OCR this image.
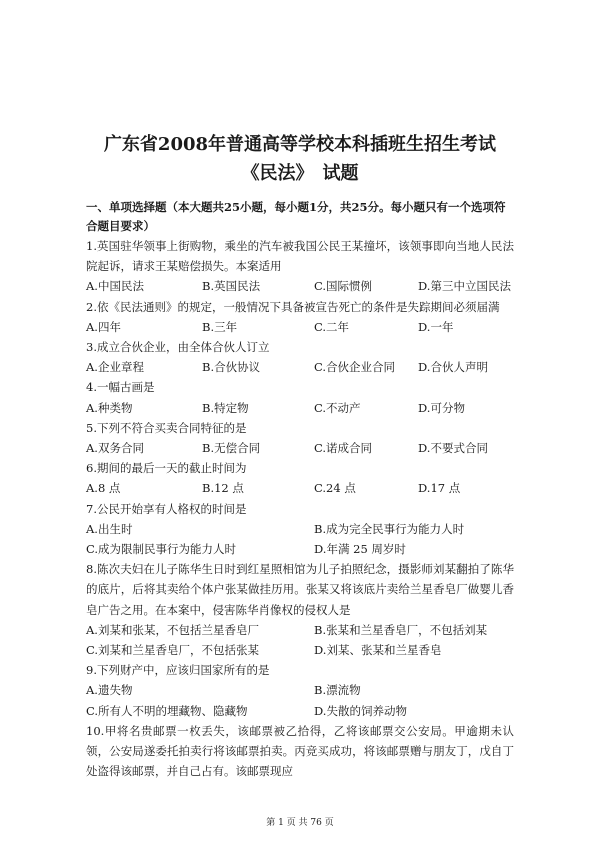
广东省2008年普通高等学校本科插班生招生考试
《民法》　试题
一、单项选择题（本大题共25小题，每小题1分，共25分。每小题只有一个选项符合题目要求）

1.英国驻华领事上街购物，乘坐的汽车被我国公民王某撞坏，该领事即向当地人民法院起诉，请求王某赔偿损失。本案适用

A.中国民法	B.英国民法	C.国际惯例	D.第三中立国民法

2.依《民法通则》的规定，一般情况下具备被宣告死亡的条件是失踪期间必须届满

A.四年	B.三年	C.二年	D.一年

3.成立合伙企业，由全体合伙人订立

A.企业章程	B.合伙协议	C.合伙企业合同	D.合伙人声明

4.一幅古画是

A.种类物	B.特定物	C.不动产	D.可分物

5.下列不符合买卖合同特征的是

A.双务合同	B.无偿合同	C.诺成合同	D.不要式合同

6.期间的最后一天的截止时间为

A.8 点	B.12 点	C.24 点	D.17 点

7.公民开始享有人格权的时间是

A.出生时	B.成为完全民事行为能力人时
C.成为限制民事行为能力人时	D.年满 25 周岁时

8.陈次夫妇在儿子陈华生日时到红星照相馆为儿子拍照纪念，摄影师刘某翻拍了陈华的底片，后将其卖给个体户张某做挂历用。张某又将该底片卖给兰星香皂厂做婴儿香皂广告之用。在本案中，侵害陈华肖像权的侵权人是

A.刘某和张某，不包括兰星香皂厂	B.张某和兰星香皂厂，不包括刘某
C.刘某和兰星香皂厂，不包括张某	D.刘某、张某和兰星香皂

9.下列财产中，应该归国家所有的是

A.遗失物	B.漂流物
C.所有人不明的埋藏物、隐藏物	D.失散的饲养动物

10.甲将名贵邮票一枚丢失，该邮票被乙拾得，乙将该邮票交公安局。甲逾期未认领，公安局遂委托拍卖行将该邮票拍卖。丙竞买成功，将该邮票赠与朋友丁，戊自丁处盗得该邮票，并自己占有。该邮票现应

第 1 页 共 76 页
